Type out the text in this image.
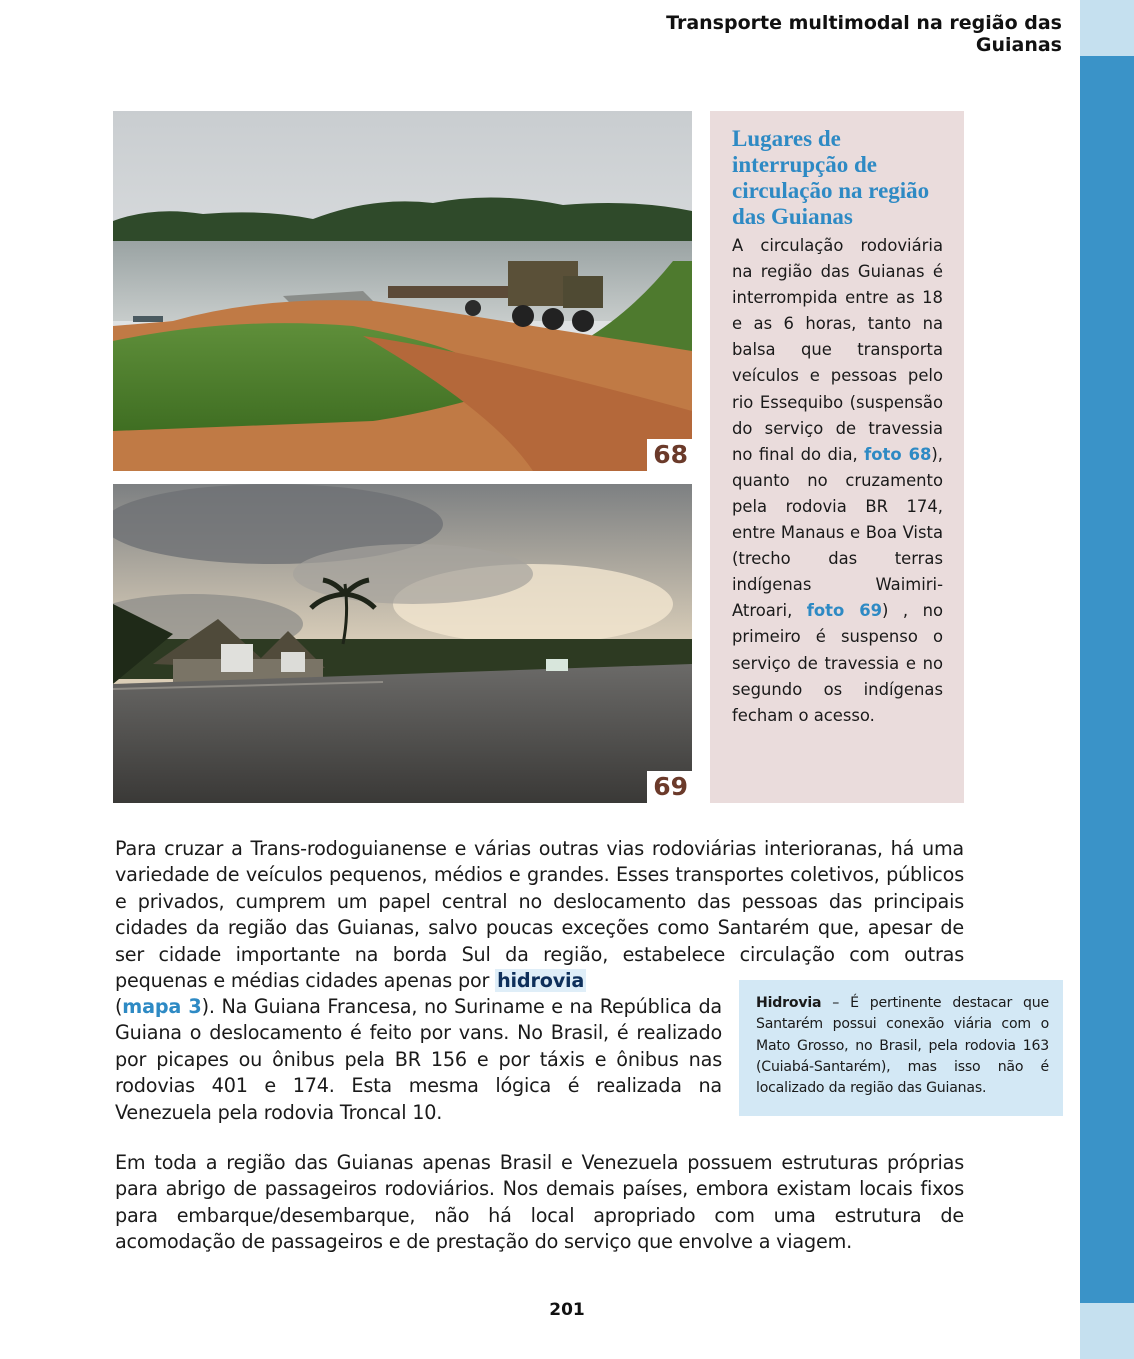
Transporte multimodal na região das Guianas
68
69
Lugares de interrupção de circulação na região das Guianas
A circulação rodoviária na região das Guianas é interrompida entre as 18 e as 6 horas, tanto na balsa que transporta veículos e pessoas pelo rio Essequibo (suspensão do serviço de travessia no final do dia, foto 68), quanto no cruzamento pela rodovia BR 174, entre Manaus e Boa Vista (trecho das terras indígenas Waimiri-Atroari, foto 69) , no primeiro é suspenso o serviço de travessia e no segundo os indígenas fecham o acesso.
Para cruzar a Trans-rodoguianense e várias outras vias rodoviárias interioranas, há uma variedade de veículos pequenos, médios e grandes. Esses transportes coletivos, públicos e privados, cumprem um papel central no deslocamento das pessoas das principais cidades da região das Guianas, salvo poucas exceções como Santarém que, apesar de ser cidade importante na borda Sul da região, estabelece circulação com outras pequenas e médias cidades apenas por hidrovia
(mapa 3). Na Guiana Francesa, no Suriname e na República da Guiana o deslocamento é feito por vans. No Brasil, é realizado por picapes ou ônibus pela BR 156 e por táxis e ônibus nas rodovias 401 e 174. Esta mesma lógica é realizada na Venezuela pela rodovia Troncal 10.
Hidrovia – É pertinente destacar que Santarém possui conexão viária com o Mato Grosso, no Brasil, pela rodovia 163 (Cuiabá-Santarém), mas isso não é localizado da região das Guianas.
Em toda a região das Guianas apenas Brasil e Venezuela possuem estruturas próprias para abrigo de passageiros rodoviários. Nos demais países, embora existam locais fixos para embarque/desembarque, não há local apropriado com uma estrutura de acomodação de passageiros e de prestação do serviço que envolve a viagem.
201
